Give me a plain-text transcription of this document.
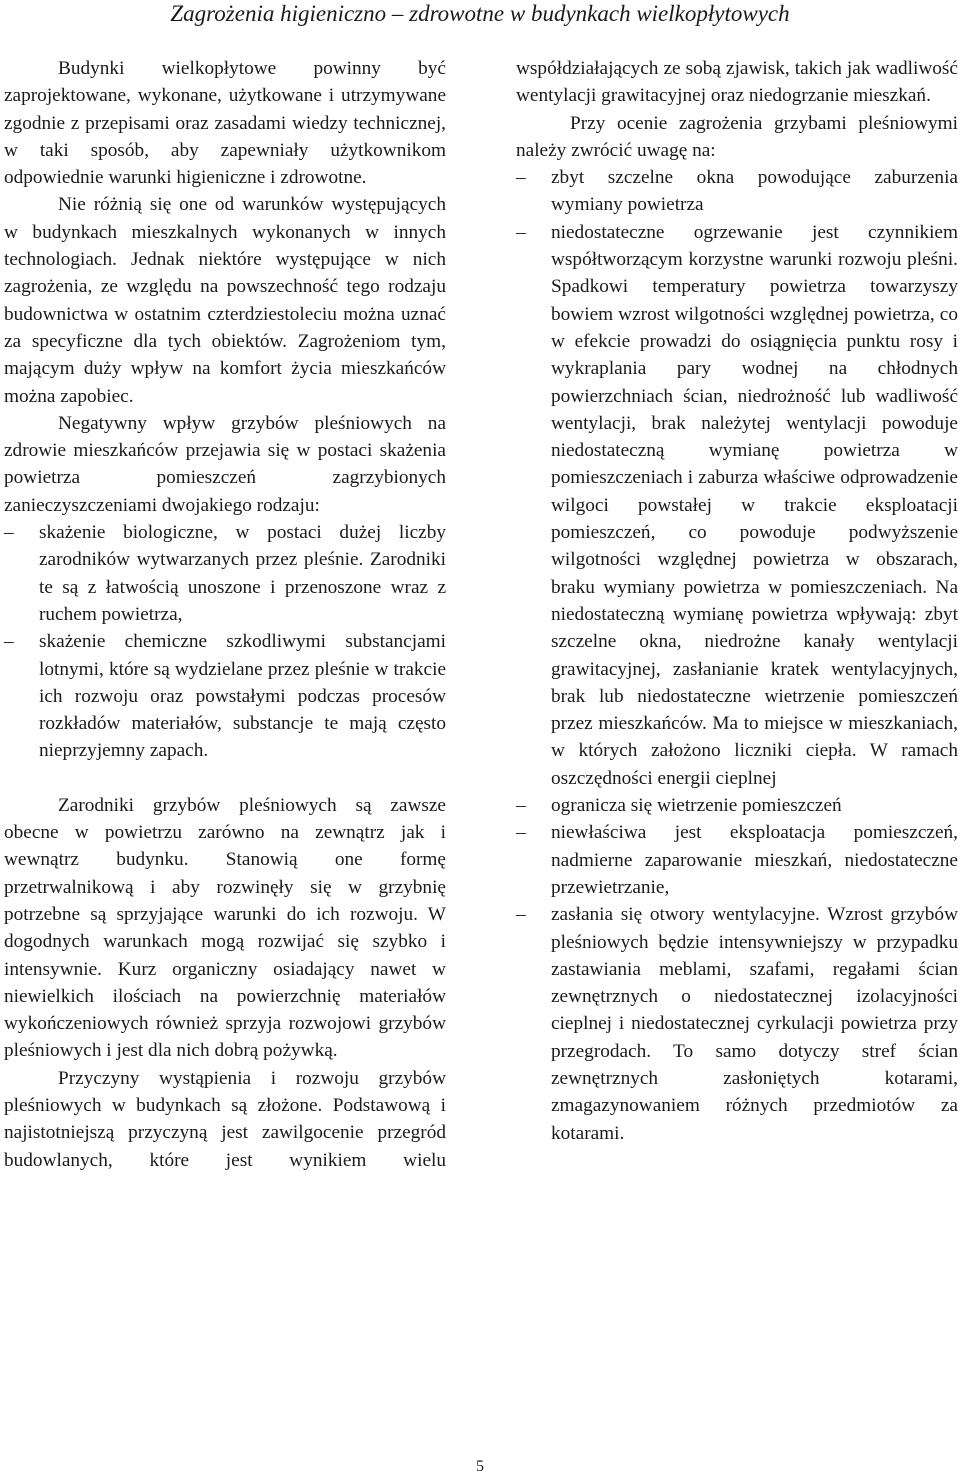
Zagrożenia higieniczno – zdrowotne w budynkach wielkopłytowych

Budynki wielkopłytowe powinny być zaprojektowane, wykonane, użytkowane i utrzymywane zgodnie z przepisami oraz zasadami wiedzy technicznej, w taki sposób, aby zapewniały użytkownikom odpowiednie warunki higieniczne i zdrowotne.

Nie różnią się one od warunków występujących w budynkach mieszkalnych wykonanych w innych technologiach. Jednak niektóre występujące w nich zagrożenia, ze względu na powszechność tego rodzaju budownictwa w ostatnim czterdziestoleciu można uznać za specyficzne dla tych obiektów. Zagrożeniom tym, mającym duży wpływ na komfort życia mieszkańców można zapobiec.

Negatywny wpływ grzybów pleśniowych na zdrowie mieszkańców przejawia się w postaci skażenia powietrza pomieszczeń zagrzybionych zanieczyszczeniami dwojakiego rodzaju:

– skażenie biologiczne, w postaci dużej liczby zarodników wytwarzanych przez pleśnie. Zarodniki te są z łatwością unoszone i przenoszone wraz z ruchem powietrza,
– skażenie chemiczne szkodliwymi substancjami lotnymi, które są wydzielane przez pleśnie w trakcie ich rozwoju oraz powstałymi podczas procesów rozkładów materiałów, substancje te mają często nieprzyjemny zapach.

Zarodniki grzybów pleśniowych są zawsze obecne w powietrzu zarówno na zewnątrz jak i wewnątrz budynku. Stanowią one formę przetrwalnikową i aby rozwinęły się w grzybnię potrzebne są sprzyjające warunki do ich rozwoju. W dogodnych warunkach mogą rozwijać się szybko i intensywnie. Kurz organiczny osiadający nawet w niewielkich ilościach na powierzchnię materiałów wykończeniowych również sprzyja rozwojowi grzybów pleśniowych i jest dla nich dobrą pożywką.

Przyczyny wystąpienia i rozwoju grzybów pleśniowych w budynkach są złożone. Podstawową i najistotniejszą przyczyną jest zawilgocenie przegród budowlanych, które jest wynikiem wielu

współdziałających ze sobą zjawisk, takich jak wadliwość wentylacji grawitacyjnej oraz niedogrzanie mieszkań.

Przy ocenie zagrożenia grzybami pleśniowymi należy zwrócić uwagę na:

– zbyt szczelne okna powodujące zaburzenia wymiany powietrza
– niedostateczne ogrzewanie jest czynnikiem współtworzącym korzystne warunki rozwoju pleśni. Spadkowi temperatury powietrza towarzyszy bowiem wzrost wilgotności względnej powietrza, co w efekcie prowadzi do osiągnięcia punktu rosy i wykraplania pary wodnej na chłodnych powierzchniach ścian, niedrożność lub wadliwość wentylacji, brak należytej wentylacji powoduje niedostateczną wymianę powietrza w pomieszczeniach i zaburza właściwe odprowadzenie wilgoci powstałej w trakcie eksploatacji pomieszczeń, co powoduje podwyższenie wilgotności względnej powietrza w obszarach, braku wymiany powietrza w pomieszczeniach. Na niedostateczną wymianę powietrza wpływają: zbyt szczelne okna, niedrożne kanały wentylacji grawitacyjnej, zasłanianie kratek wentylacyjnych, brak lub niedostateczne wietrzenie pomieszczeń przez mieszkańców. Ma to miejsce w mieszkaniach, w których założono liczniki ciepła. W ramach oszczędności energii cieplnej
– ogranicza się wietrzenie pomieszczeń
– niewłaściwa jest eksploatacja pomieszczeń, nadmierne zaparowanie mieszkań, niedostateczne przewietrzanie,
– zasłania się otwory wentylacyjne. Wzrost grzybów pleśniowych będzie intensywniejszy w przypadku zastawiania meblami, szafami, regałami ścian zewnętrznych o niedostatecznej izolacyjności cieplnej i niedostatecznej cyrkulacji powietrza przy przegrodach. To samo dotyczy stref ścian zewnętrznych zasłoniętych kotarami, zmagazynowaniem różnych przedmiotów za kotarami.
5
